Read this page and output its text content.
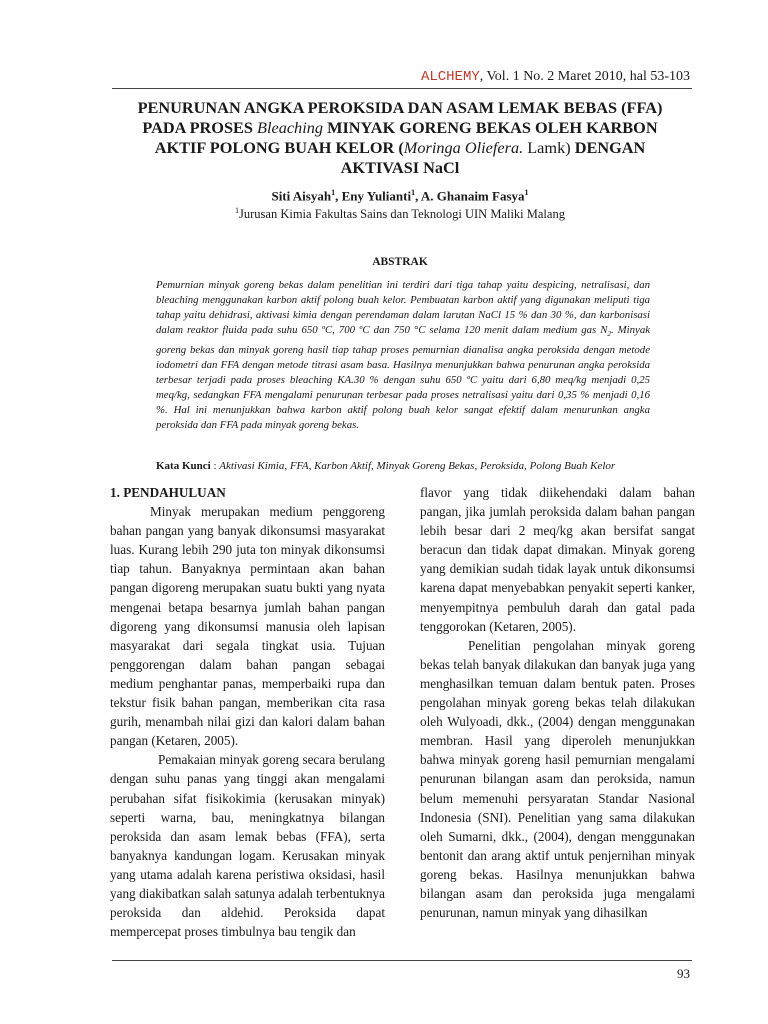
ALCHEMY, Vol. 1 No. 2 Maret 2010, hal 53-103
PENURUNAN ANGKA PEROKSIDA DAN ASAM LEMAK BEBAS (FFA)
PADA PROSES Bleaching MINYAK GORENG BEKAS OLEH KARBON
AKTIF POLONG BUAH KELOR (Moringa Oliefera. Lamk) DENGAN
AKTIVASI NaCl
Siti Aisyah$^1$, Eny Yulianti$^1$, A. Ghanaim Fasya$^1$
$^1$Jurusan Kimia Fakultas Sains dan Teknologi UIN Maliki Malang
ABSTRAK
Pemurnian minyak goreng bekas dalam penelitian ini terdiri dari tiga tahap yaitu despicing, netralisasi, dan bleaching menggunakan karbon aktif polong buah kelor. Pembuatan karbon aktif yang digunakan meliputi tiga tahap yaitu dehidrasi, aktivasi kimia dengan perendaman dalam larutan NaCl 15 % dan 30 %, dan karbonisasi dalam reaktor fluida pada suhu 650 ºC, 700 ºC dan 750 °C selama 120 menit dalam medium gas $N_2$. Minyak goreng bekas dan minyak goreng hasil tiap tahap proses pemurnian dianalisa angka peroksida dengan metode iodometri dan FFA dengan metode titrasi asam basa. Hasilnya menunjukkan bahwa penurunan angka peroksida terbesar terjadi pada proses bleaching KA.30 % dengan suhu 650 ºC yaitu dari 6,80 meq/kg menjadi 0,25 meq/kg, sedangkan FFA mengalami penurunan terbesar pada proses netralisasi yaitu dari 0,35 % menjadi 0,16 %. Hal ini menunjukkan bahwa karbon aktif polong buah kelor sangat efektif dalam menurunkan angka peroksida dan FFA pada minyak goreng bekas.
Kata Kunci : Aktivasi Kimia, FFA, Karbon Aktif, Minyak Goreng Bekas, Peroksida, Polong Buah Kelor
1. PENDAHULUAN

Minyak merupakan medium penggoreng bahan pangan yang banyak dikonsumsi masyarakat luas. Kurang lebih 290 juta ton minyak dikonsumsi tiap tahun. Banyaknya permintaan akan bahan pangan digoreng merupakan suatu bukti yang nyata mengenai betapa besarnya jumlah bahan pangan digoreng yang dikonsumsi manusia oleh lapisan masyarakat dari segala tingkat usia. Tujuan penggorengan dalam bahan pangan sebagai medium penghantar panas, memperbaiki rupa dan tekstur fisik bahan pangan, memberikan cita rasa gurih, menambah nilai gizi dan kalori dalam bahan pangan (Ketaren, 2005).

Pemakaian minyak goreng secara berulang dengan suhu panas yang tinggi akan mengalami perubahan sifat fisikokimia (kerusakan minyak) seperti warna, bau, meningkatnya bilangan peroksida dan asam lemak bebas (FFA), serta banyaknya kandungan logam. Kerusakan minyak yang utama adalah karena peristiwa oksidasi, hasil yang diakibatkan salah satunya adalah terbentuknya peroksida dan aldehid. Peroksida dapat mempercepat proses timbulnya bau tengik dan

flavor yang tidak diikehendaki dalam bahan pangan, jika jumlah peroksida dalam bahan pangan lebih besar dari 2 meq/kg akan bersifat sangat beracun dan tidak dapat dimakan. Minyak goreng yang demikian sudah tidak layak untuk dikonsumsi karena dapat menyebabkan penyakit seperti kanker, menyempitnya pembuluh darah dan gatal pada tenggorokan (Ketaren, 2005).

Penelitian pengolahan minyak goreng bekas telah banyak dilakukan dan banyak juga yang menghasilkan temuan dalam bentuk paten. Proses pengolahan minyak goreng bekas telah dilakukan oleh Wulyoadi, dkk., (2004) dengan menggunakan membran. Hasil yang diperoleh menunjukkan bahwa minyak goreng hasil pemurnian mengalami penurunan bilangan asam dan peroksida, namun belum memenuhi persyaratan Standar Nasional Indonesia (SNI). Penelitian yang sama dilakukan oleh Sumarni, dkk., (2004), dengan menggunakan bentonit dan arang aktif untuk penjernihan minyak goreng bekas. Hasilnya menunjukkan bahwa bilangan asam dan peroksida juga mengalami penurunan, namun minyak yang dihasilkan

93
